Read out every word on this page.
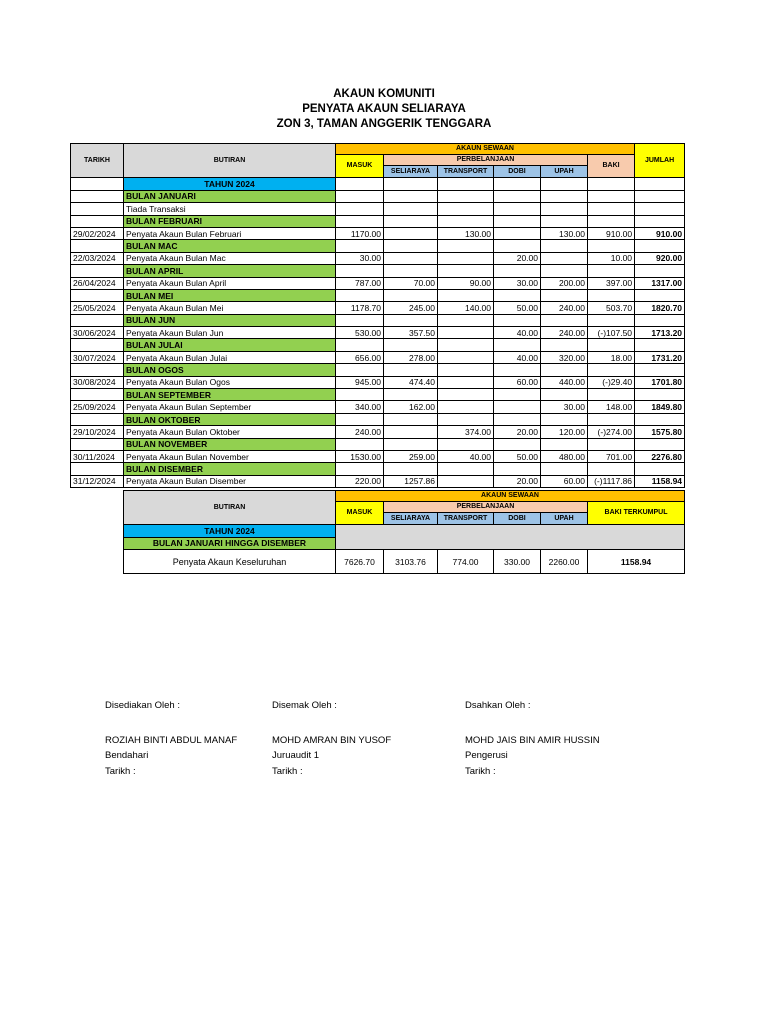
AKAUN KOMUNITI
PENYATA AKAUN SELIARAYA
ZON 3, TAMAN ANGGERIK TENGGARA
TARIKH	BUTIRAN	AKAUN SEWAAN						JUMLAH
		MASUK	PERBELANJAAN				BAKI	
			SELIARAYA	TRANSPORT	DOBI	UPAH		
	TAHUN 2024							
	BULAN JANUARI							
	Tiada Transaksi							
	BULAN FEBRUARI							
29/02/2024	Penyata Akaun Bulan Februari	1170.00		130.00		130.00	910.00	910.00
	BULAN MAC							
22/03/2024	Penyata Akaun Bulan Mac	30.00			20.00		10.00	920.00
	BULAN APRIL							
26/04/2024	Penyata Akaun Bulan April	787.00	70.00	90.00	30.00	200.00	397.00	1317.00
	BULAN MEI							
25/05/2024	Penyata Akaun Bulan Mei	1178.70	245.00	140.00	50.00	240.00	503.70	1820.70
	BULAN JUN							
30/06/2024	Penyata Akaun Bulan Jun	530.00	357.50		40.00	240.00	(-)107.50	1713.20
	BULAN JULAI							
30/07/2024	Penyata Akaun Bulan Julai	656.00	278.00		40.00	320.00	18.00	1731.20
	BULAN OGOS							
30/08/2024	Penyata Akaun Bulan Ogos	945.00	474.40		60.00	440.00	(-)29.40	1701.80
	BULAN SEPTEMBER							
25/09/2024	Penyata Akaun Bulan September	340.00	162.00			30.00	148.00	1849.80
	BULAN OKTOBER							
29/10/2024	Penyata Akaun Bulan Oktober	240.00		374.00	20.00	120.00	(-)274.00	1575.80
	BULAN NOVEMBER							
30/11/2024	Penyata Akaun Bulan November	1530.00	259.00	40.00	50.00	480.00	701.00	2276.80
	BULAN DISEMBER							
31/12/2024	Penyata Akaun Bulan Disember	220.00	1257.86		20.00	60.00	(-)1117.86	1158.94
BUTIRAN	AKAUN SEWAAN					
	MASUK	PERBELANJAAN				BAKI TERKUMPUL
		SELIARAYA	TRANSPORT	DOBI	UPAH	
TAHUN 2024						
BULAN JANUARI HINGGA DISEMBER						
Penyata Akaun Keseluruhan	7626.70	3103.76	774.00	330.00	2260.00	1158.94
Disediakan Oleh :
ROZIAH BINTI ABDUL MANAF
Bendahari
Tarikh :
Disemak Oleh :
MOHD AMRAN BIN YUSOF
Juruaudit 1
Tarikh :
Dsahkan Oleh :
MOHD JAIS BIN AMIR HUSSIN
Pengerusi
Tarikh :
